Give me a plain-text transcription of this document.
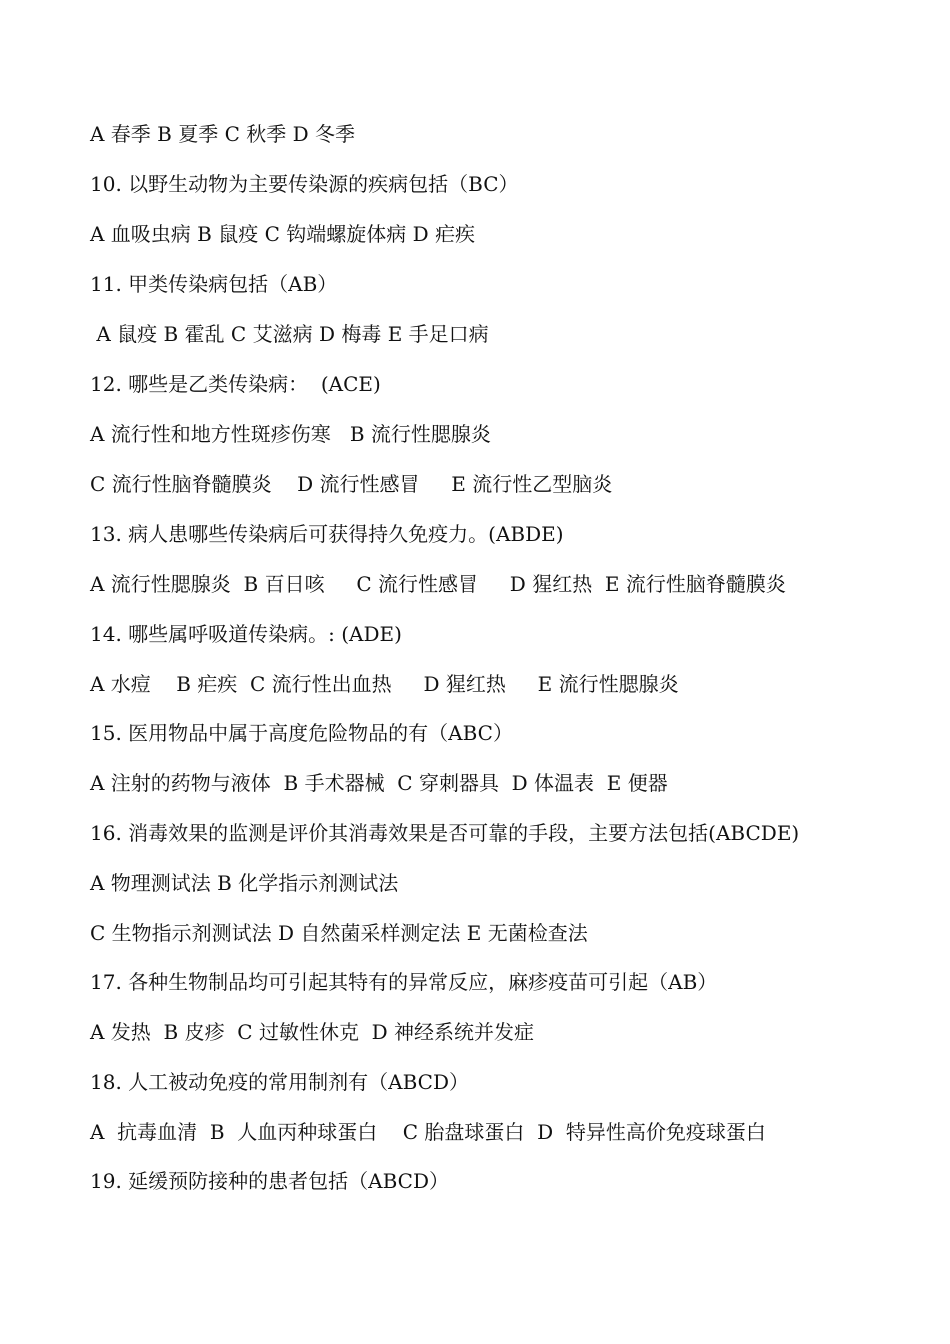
A 春季 B 夏季 C 秋季 D 冬季
10. 以野生动物为主要传染源的疾病包括（BC）
A 血吸虫病 B 鼠疫 C 钩端螺旋体病 D 疟疾
11. 甲类传染病包括（AB）
A 鼠疫 B 霍乱 C 艾滋病 D 梅毒 E 手足口病
12. 哪些是乙类传染病：  (ACE)
A 流行性和地方性斑疹伤寒   B 流行性腮腺炎
C 流行性脑脊髓膜炎    D 流行性感冒     E 流行性乙型脑炎
13. 病人患哪些传染病后可获得持久免疫力。(ABDE)
A 流行性腮腺炎  B 百日咳     C 流行性感冒     D 猩红热  E 流行性脑脊髓膜炎
14. 哪些属呼吸道传染病。: (ADE)
A 水痘    B 疟疾  C 流行性出血热     D 猩红热     E 流行性腮腺炎
15. 医用物品中属于高度危险物品的有（ABC）
A 注射的药物与液体  B 手术器械  C 穿刺器具  D 体温表  E 便器
16. 消毒效果的监测是评价其消毒效果是否可靠的手段，主要方法包括(ABCDE)
A 物理测试法 B 化学指示剂测试法
C 生物指示剂测试法 D 自然菌采样测定法 E 无菌检查法
17. 各种生物制品均可引起其特有的异常反应，麻疹疫苗可引起（AB）
A 发热  B 皮疹  C 过敏性休克  D 神经系统并发症
18. 人工被动免疫的常用制剂有（ABCD）
A  抗毒血清  B  人血丙种球蛋白    C 胎盘球蛋白  D  特异性高价免疫球蛋白
19. 延缓预防接种的患者包括（ABCD）
